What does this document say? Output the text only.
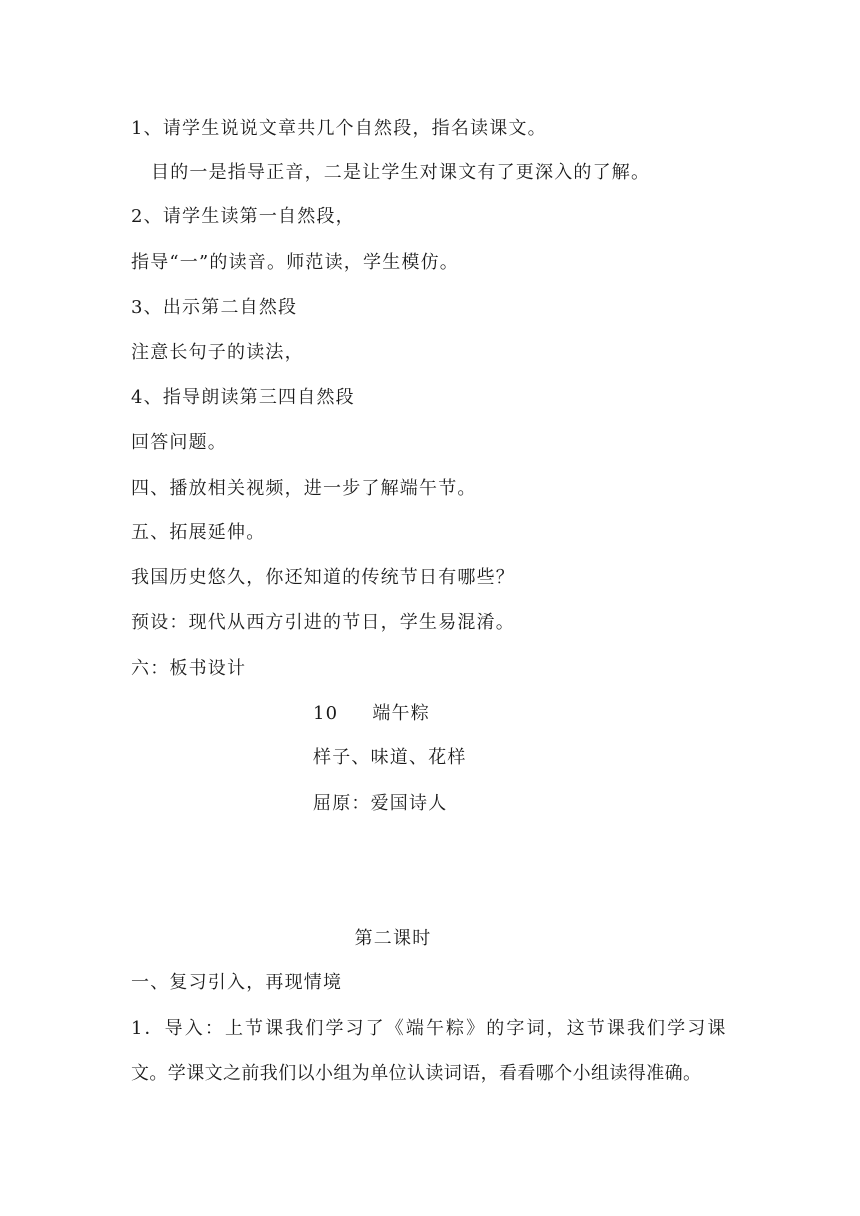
1、请学生说说文章共几个自然段，指名读课文。
目的一是指导正音，二是让学生对课文有了更深入的了解。
2、请学生读第一自然段，
指导“一”的读音。师范读，学生模仿。
3、出示第二自然段
注意长句子的读法，
4、指导朗读第三四自然段
回答问题。
四、播放相关视频，进一步了解端午节。
五、拓展延伸。
我国历史悠久，你还知道的传统节日有哪些？
预设：现代从西方引进的节日，学生易混淆。
六：板书设计
10 端午粽
样子、味道、花样
屈原：爱国诗人
第二课时
一、复习引入，再现情境
1．导入：上节课我们学习了《端午粽》的字词，这节课我们学习课
文。学课文之前我们以小组为单位认读词语，看看哪个小组读得准确。
